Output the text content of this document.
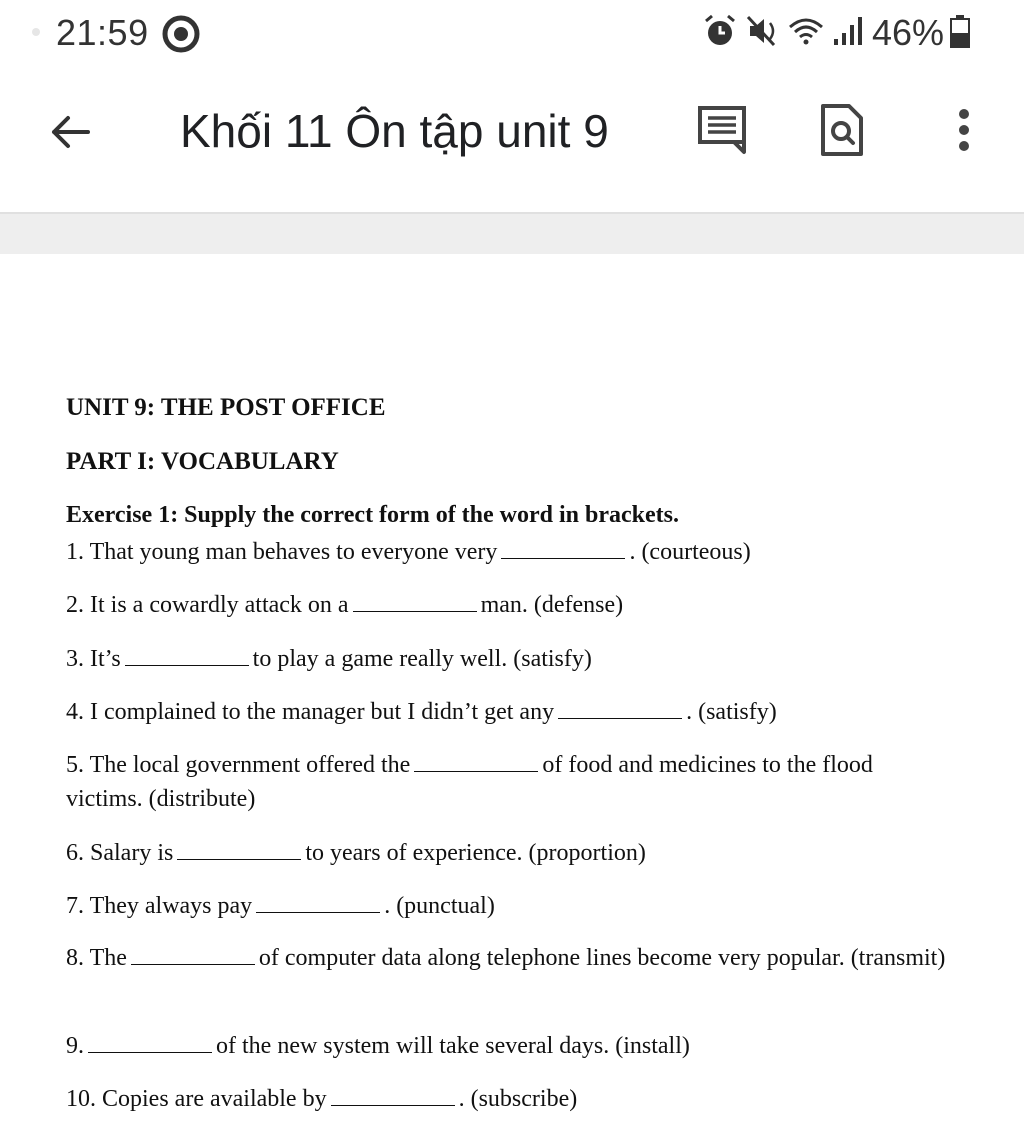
21:59	46%
Khối 11 Ôn tập unit 9
UNIT 9: THE POST OFFICE
PART I: VOCABULARY
Exercise 1: Supply the correct form of the word in brackets.
1. That young man behaves to everyone very	. (courteous)
2. It is a cowardly attack on a	man. (defense)
3. It’s	to play a game really well. (satisfy)
4. I complained to the manager but I didn’t get any	. (satisfy)
5. The local government offered the	of food and medicines to the flood victims. (distribute)
6. Salary is	to years of experience. (proportion)
7. They always pay	. (punctual)
8. The	of computer data along telephone lines become very popular. (transmit)
9.	of the new system will take several days. (install)
10. Copies are available by	. (subscribe)
